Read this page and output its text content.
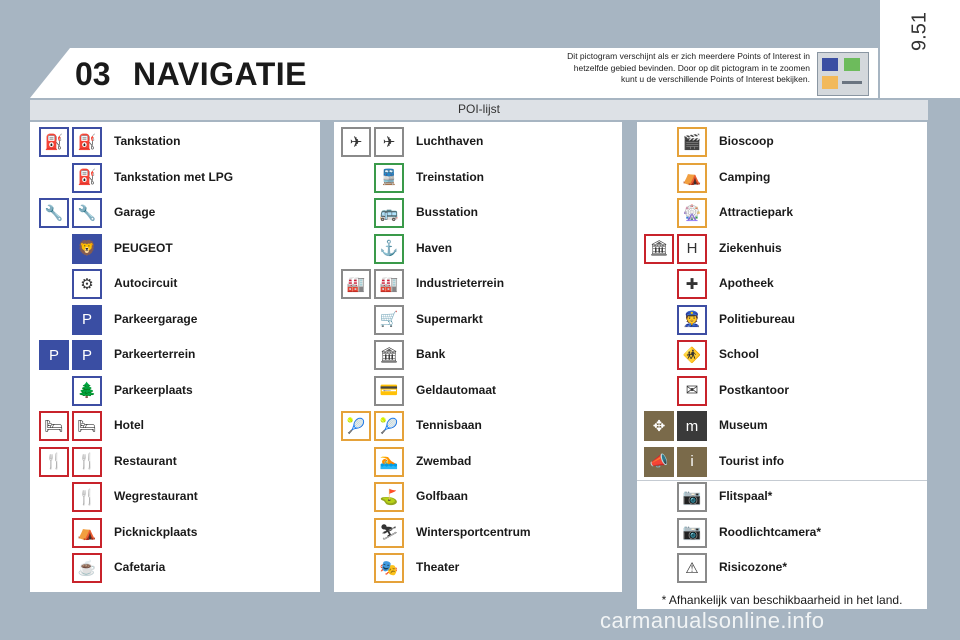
9.51
03 NAVIGATIE	Dit pictogram verschijnt als er zich meerdere Points of Interest in hetzelfde gebied bevinden. Door op dit pictogram in te zoomen kunt u de verschillende Points of Interest bekijken.
POI-lijst
⛽ ⛽	Tankstation
⛽	Tankstation met LPG
🔧 🔧	Garage
🦁	PEUGEOT
⚙	Autocircuit
P	Parkeergarage
P	P	Parkeerterrein
🌲	Parkeerplaats
🛏 🛏 Hotel
🍴 🍴	Restaurant
🍴	Wegrestaurant
⛺	Picknickplaats
☕	Cafetaria
✈	✈	Luchthaven
🚆	Treinstation
🚌	Busstation
⚓	Haven
🏭 🏭	Industrieterrein
🛒	Supermarkt
🏛 Bank
💳	Geldautomaat
🎾 🎾	Tennisbaan
🏊	Zwembad
⛳	Golfbaan
⛷ Wintersportcentrum
🎭	Theater
🎬	Bioscoop
⛺	Camping
🎡	Attractiepark
🏛	H	Ziekenhuis
✚	Apotheek
👮	Politiebureau
🚸	School
✉	Postkantoor
✥	m	Museum
📣	i	Tourist info
📷	Flitspaal*
📷	Roodlichtcamera*
⚠	Risicozone*
* Afhankelijk van beschikbaarheid in het land.
carmanualsonline.info
